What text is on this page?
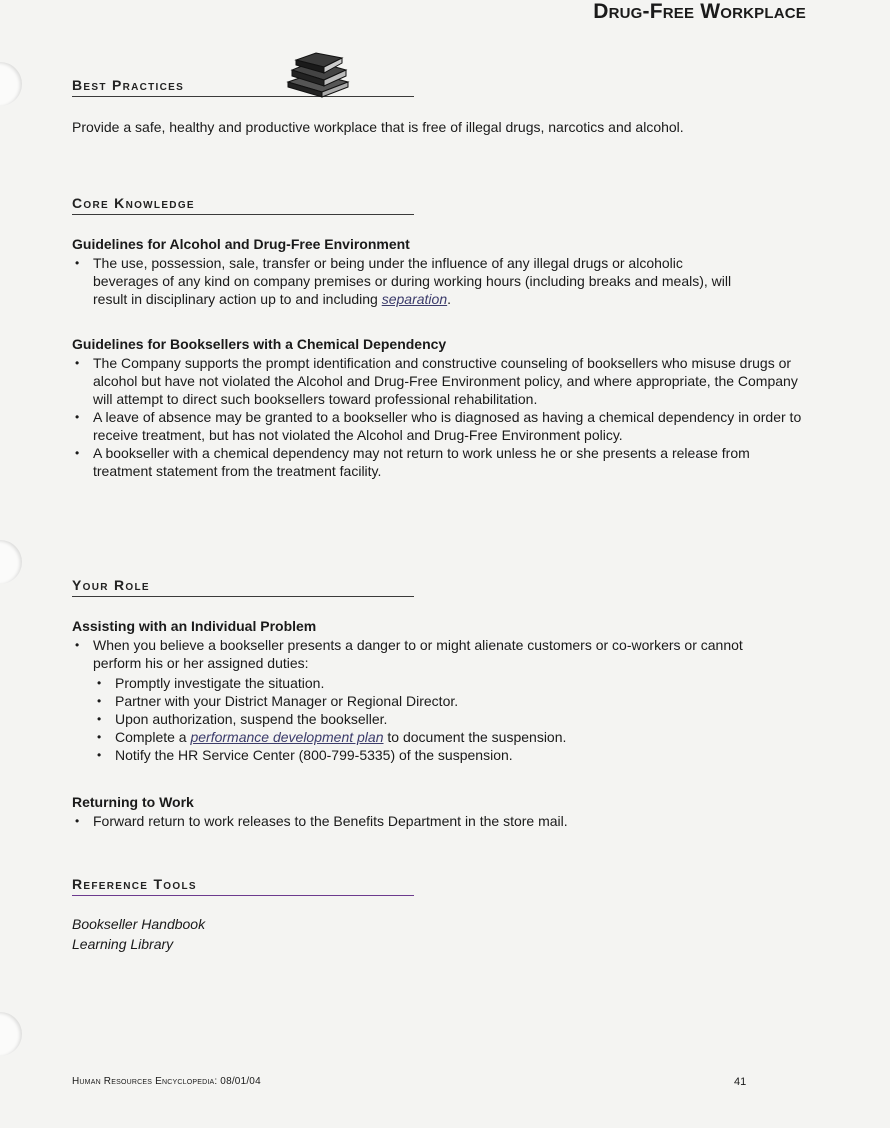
Drug-Free Workplace
Best Practices
Provide a safe, healthy and productive workplace that is free of illegal drugs, narcotics and alcohol.
Core Knowledge
Guidelines for Alcohol and Drug-Free Environment
• The use, possession, sale, transfer or being under the influence of any illegal drugs or alcoholic beverages of any kind on company premises or during working hours (including breaks and meals), will result in disciplinary action up to and including separation.
Guidelines for Booksellers with a Chemical Dependency
• The Company supports the prompt identification and constructive counseling of booksellers who misuse drugs or alcohol but have not violated the Alcohol and Drug-Free Environment policy, and where appropriate, the Company will attempt to direct such booksellers toward professional rehabilitation.
• A leave of absence may be granted to a bookseller who is diagnosed as having a chemical dependency in order to receive treatment, but has not violated the Alcohol and Drug-Free Environment policy.
• A bookseller with a chemical dependency may not return to work unless he or she presents a release from treatment statement from the treatment facility.
Your Role
Assisting with an Individual Problem
• When you believe a bookseller presents a danger to or might alienate customers or co-workers or cannot perform his or her assigned duties:
• Promptly investigate the situation.
• Partner with your District Manager or Regional Director.
• Upon authorization, suspend the bookseller.
• Complete a performance development plan to document the suspension.
• Notify the HR Service Center (800-799-5335) of the suspension.
Returning to Work
• Forward return to work releases to the Benefits Department in the store mail.
Reference Tools
Bookseller Handbook
Learning Library
Human Resources Encyclopedia: 08/01/04	41
